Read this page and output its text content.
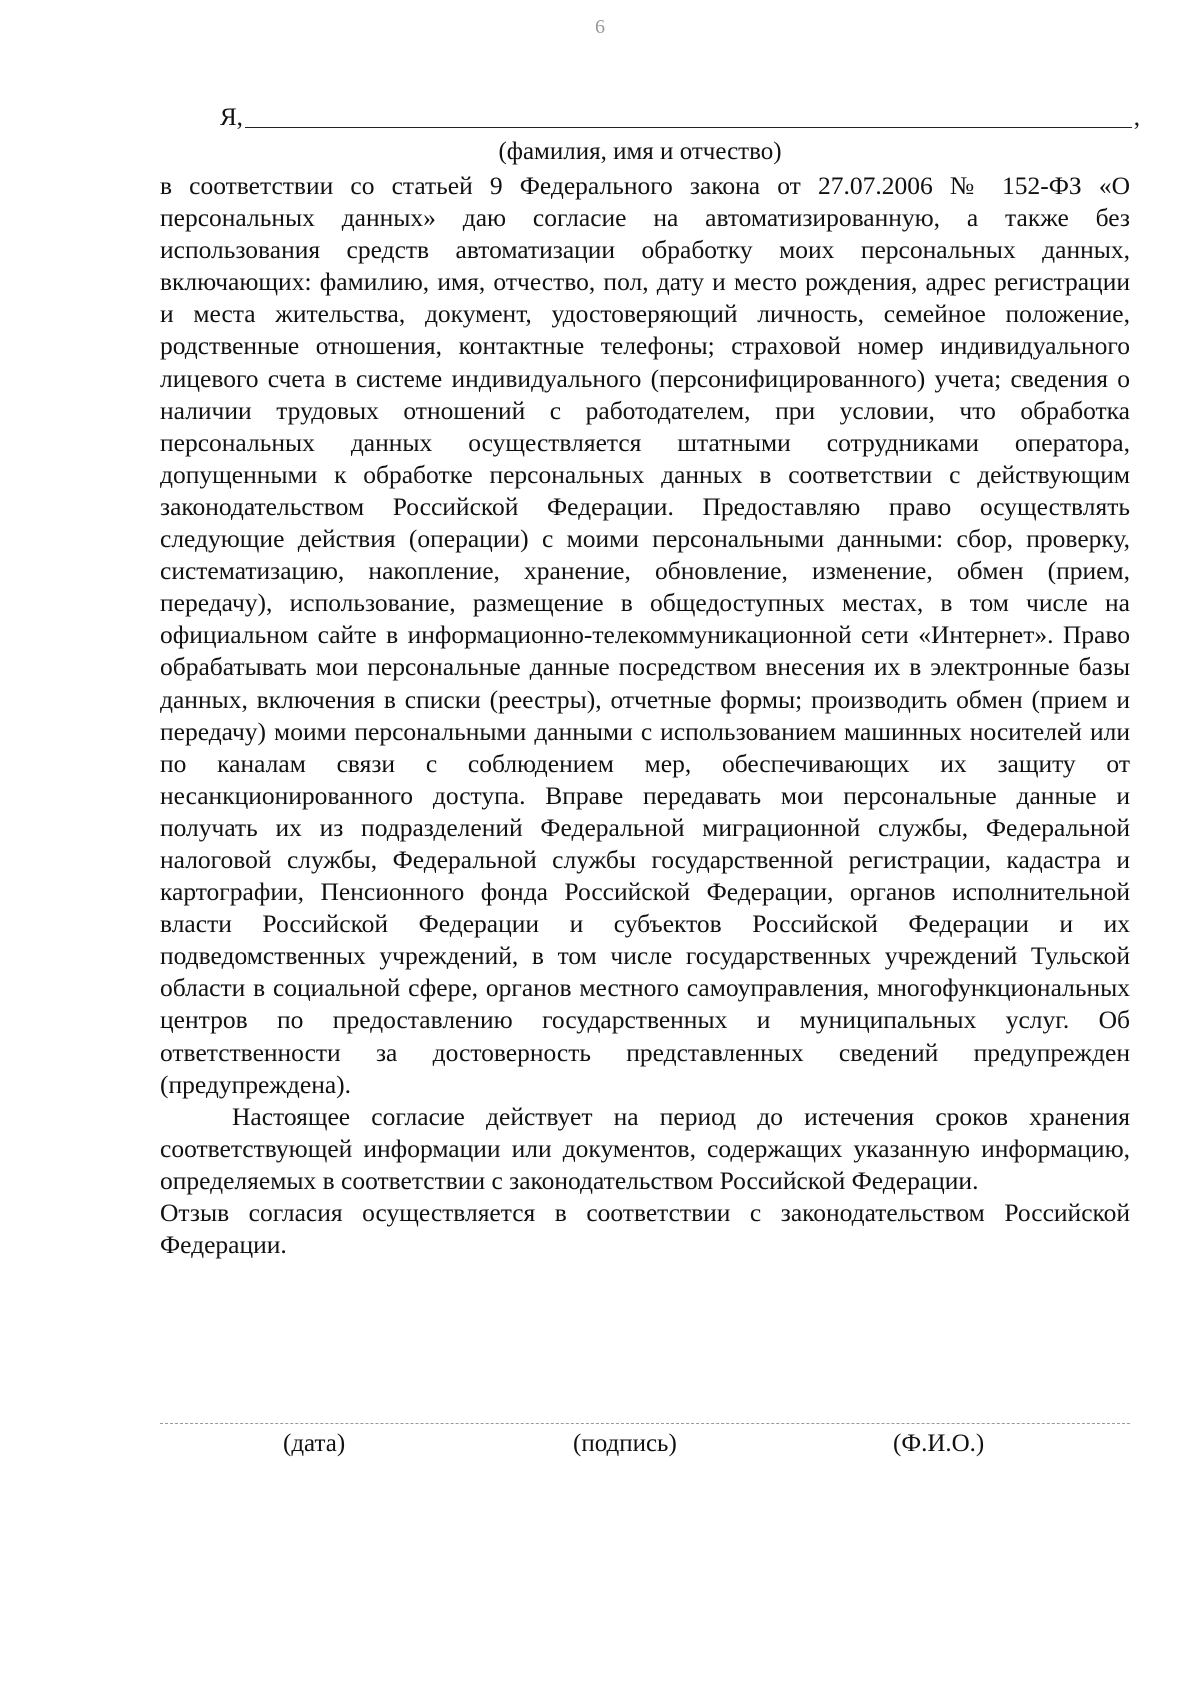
6
Я,	,
(фамилия, имя и отчество)

в соответствии со статьей 9 Федерального закона от 27.07.2006 № 152-ФЗ «О персональных данных» даю согласие на автоматизированную, а также без использования средств автоматизации обработку моих персональных данных, включающих: фамилию, имя, отчество, пол, дату и место рождения, адрес регистрации и места жительства, документ, удостоверяющий личность, семейное положение, родственные отношения, контактные телефоны; страховой номер индивидуального лицевого счета в системе индивидуального (персонифицированного) учета; сведения о наличии трудовых отношений с работодателем, при условии, что обработка персональных данных осуществляется штатными сотрудниками оператора, допущенными к обработке персональных данных в соответствии с действующим законодательством Российской Федерации. Предоставляю право осуществлять следующие действия (операции) с моими персональными данными: сбор, проверку, систематизацию, накопление, хранение, обновление, изменение, обмен (прием, передачу), использование, размещение в общедоступных местах, в том числе на официальном сайте в информационно-телекоммуникационной сети «Интернет». Право обрабатывать мои персональные данные посредством внесения их в электронные базы данных, включения в списки (реестры), отчетные формы; производить обмен (прием и передачу) моими персональными данными с использованием машинных носителей или по каналам связи с соблюдением мер, обеспечивающих их защиту от несанкционированного доступа. Вправе передавать мои персональные данные и получать их из подразделений Федеральной миграционной службы, Федеральной налоговой службы, Федеральной службы государственной регистрации, кадастра и картографии, Пенсионного фонда Российской Федерации, органов исполнительной власти Российской Федерации и субъектов Российской Федерации и их подведомственных учреждений, в том числе государственных учреждений Тульской области в социальной сфере, органов местного самоуправления, многофункциональных центров по предоставлению государственных и муниципальных услуг. Об ответственности за достоверность представленных сведений предупрежден (предупреждена).

Настоящее согласие действует на период до истечения сроков хранения соответствующей информации или документов, содержащих указанную информацию, определяемых в соответствии с законодательством Российской Федерации.

Отзыв согласия осуществляется в соответствии с законодательством Российской Федерации.

(дата)	(подпись)	(Ф.И.О.)
